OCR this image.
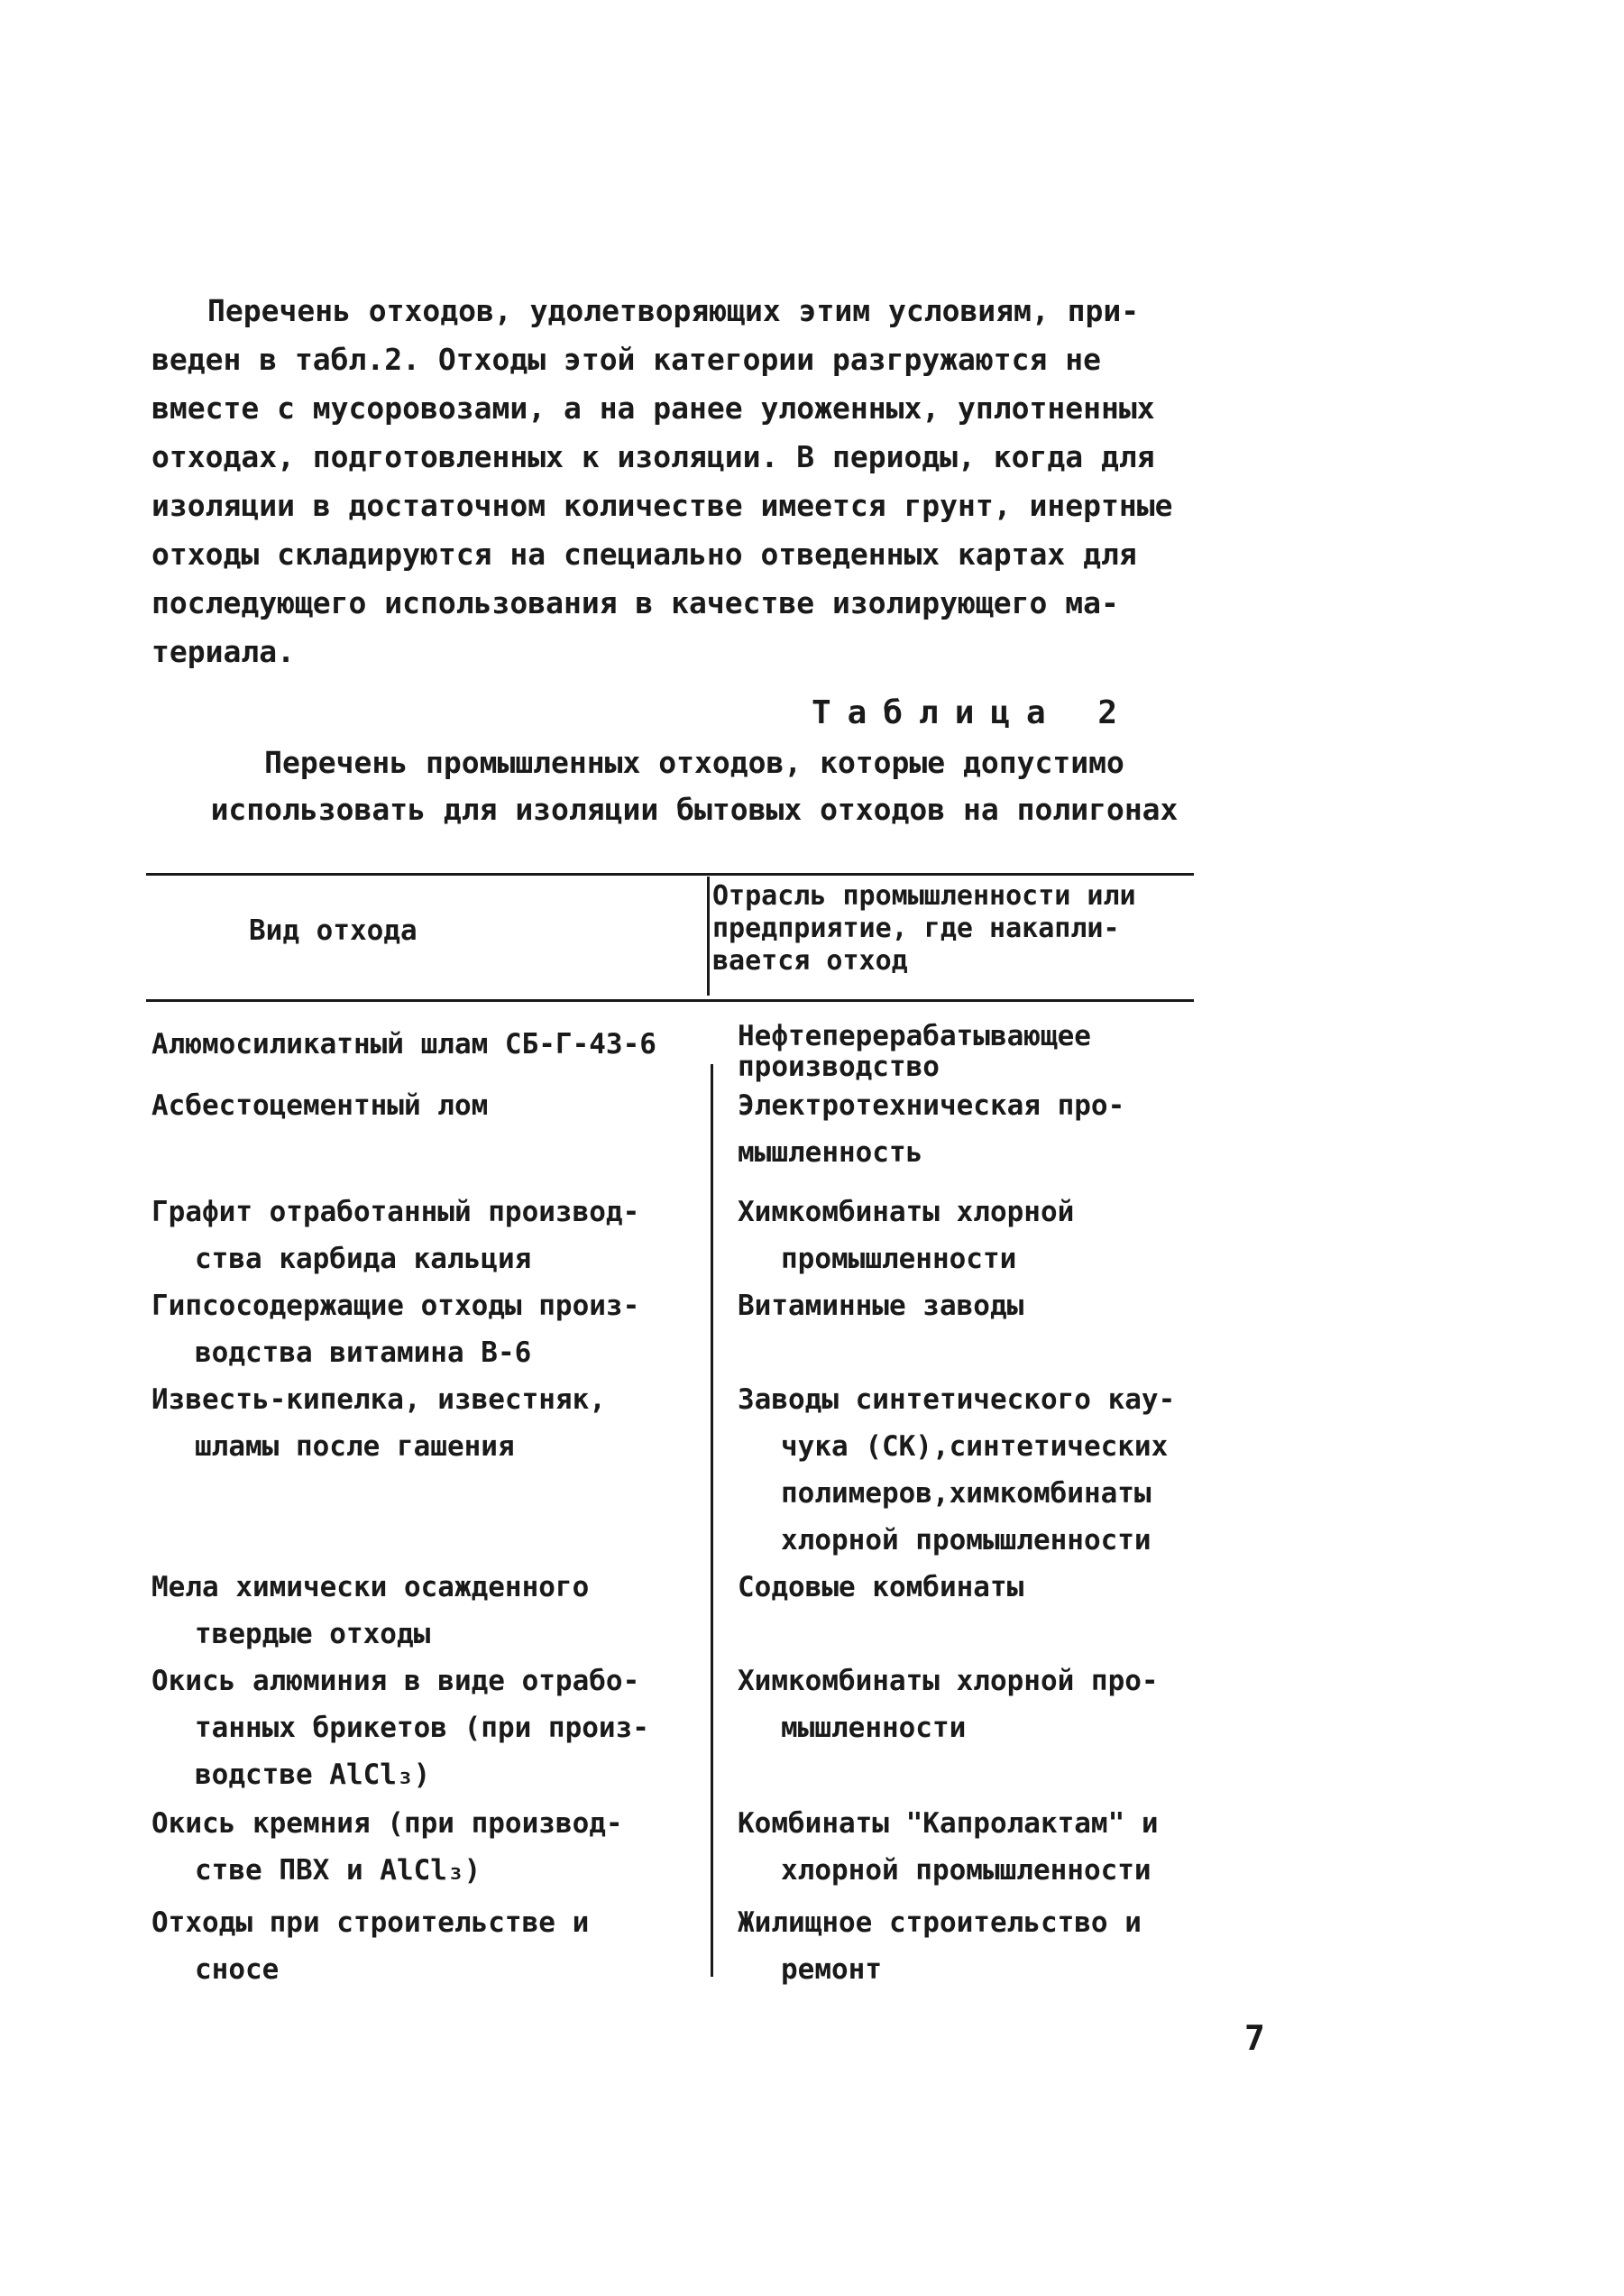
Перечень отходов, удолетворяющих этим условиям, при-
веден в табл.2. Отходы этой категории разгружаются не
вместе с мусоровозами, а на ранее уложенных, уплотненных
отходах, подготовленных к изоляции. В периоды, когда для
изоляции в достаточном количестве имеется грунт, инертные
отходы складируются на специально отведенных картах для
последующего использования в качестве изолирующего ма-
териала.
Таблица 2
Перечень промышленных отходов, которые допустимо
использовать для изоляции бытовых отходов на полигонах
Вид отхода
Отрасль промышленности или
предприятие, где накапли-
вается отход
Алюмосиликатный шлам СБ-Г-43-6	Нефтеперерабатывающее
производство
Асбестоцементный лом	Электротехническая про-
мышленность
Графит отработанный производ-
ства карбида кальция
Химкомбинаты хлорной
промышленности
Гипсосодержащие отходы произ-
водства витамина В-6
Витаминные заводы
Известь-кипелка, известняк,
шламы после гашения
Заводы синтетического кау-
чука (СК),синтетических
полимеров,химкомбинаты
хлорной промышленности
Мела химически осажденного
твердые отходы
Содовые комбинаты
Окись алюминия в виде отрабо-
танных брикетов (при произ-
водстве AlCl₃)
Химкомбинаты хлорной про-
мышленности
Окись кремния (при производ-
стве ПВХ и AlCl₃)
Комбинаты "Капролактам" и
хлорной промышленности
Отходы при строительстве и
сносе
Жилищное строительство и
ремонт
7
